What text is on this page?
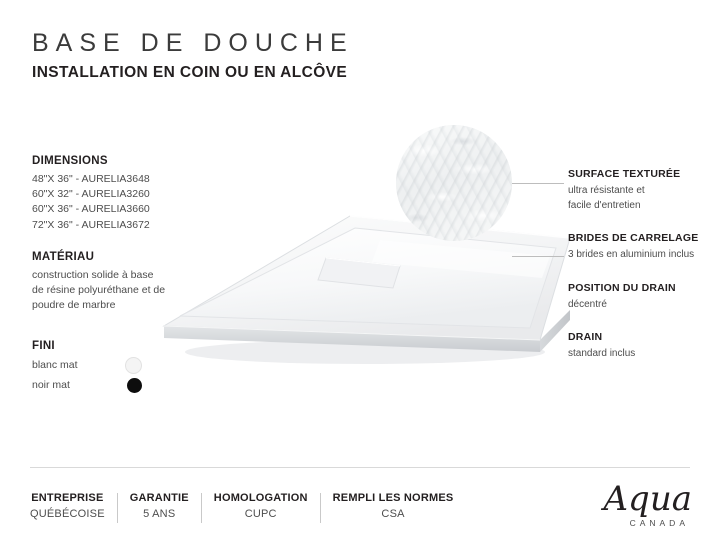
BASE DE DOUCHE
INSTALLATION EN COIN OU EN ALCÔVE
DIMENSIONS
48"X 36" - AURELIA3648
60"X 32" - AURELIA3260
60"X 36" - AURELIA3660
72"X 36" - AURELIA3672
MATÉRIAU
construction solide à base
de résine polyuréthane et de
poudre de marbre
FINI
blanc mat
noir mat
SURFACE TEXTURÉE
ultra résistante et
facile d'entretien
BRIDES DE CARRELAGE
3 brides en aluminium inclus
POSITION DU DRAIN
décentré
DRAIN
standard inclus
ENTREPRISE
QUÉBÉCOISE
GARANTIE
5 ANS
HOMOLOGATION
CUPC
REMPLI LES NORMES
CSA	Aqua
CANADA
